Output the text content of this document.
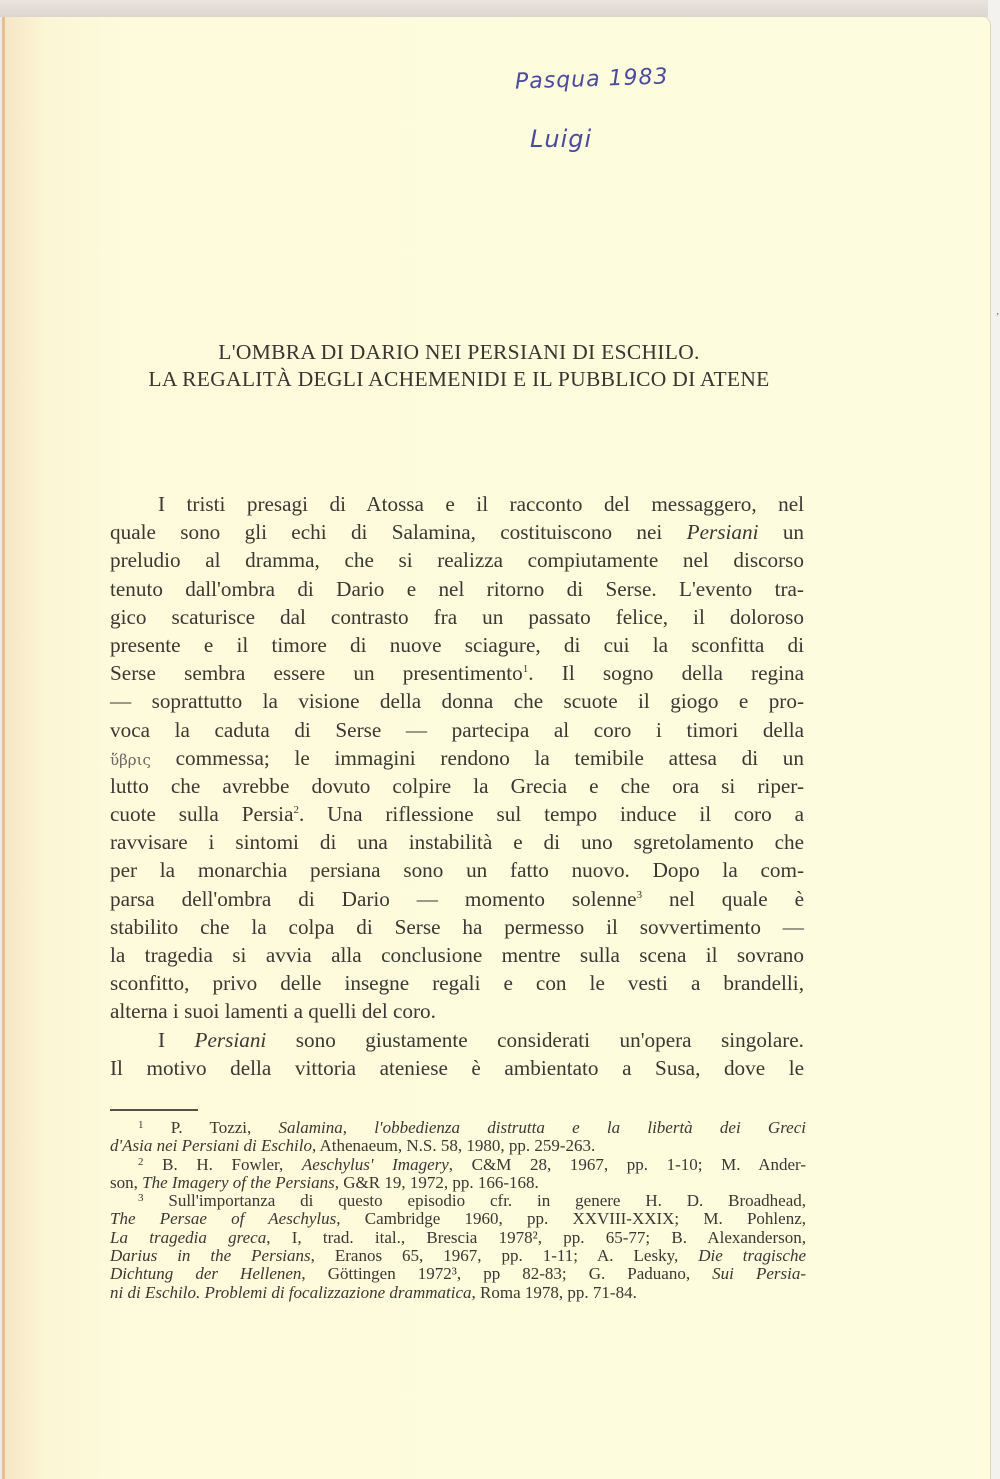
Pasqua 1983
Luigi
L'OMBRA DI DARIO NEI PERSIANI DI ESCHILO.
LA REGALITÀ DEGLI ACHEMENIDI E IL PUBBLICO DI ATENE
I tristi presagi di Atossa e il racconto del messaggero, nel
quale sono gli echi di Salamina, costituiscono nei Persiani un
preludio al dramma, che si realizza compiutamente nel discorso
tenuto dall'ombra di Dario e nel ritorno di Serse. L'evento tra-
gico scaturisce dal contrasto fra un passato felice, il doloroso
presente e il timore di nuove sciagure, di cui la sconfitta di
Serse sembra essere un presentimento$^1$. Il sogno della regina
— soprattutto la visione della donna che scuote il giogo e pro-
voca la caduta di Serse — partecipa al coro i timori della
ὕβρις commessa; le immagini rendono la temibile attesa di un
lutto che avrebbe dovuto colpire la Grecia e che ora si riper-
cuote sulla Persia$^2$. Una riflessione sul tempo induce il coro a
ravvisare i sintomi di una instabilità e di uno sgretolamento che
per la monarchia persiana sono un fatto nuovo. Dopo la com-
parsa dell'ombra di Dario — momento solenne$^3$ nel quale è
stabilito che la colpa di Serse ha permesso il sovvertimento —
la tragedia si avvia alla conclusione mentre sulla scena il sovrano
sconfitto, privo delle insegne regali e con le vesti a brandelli,
alterna i suoi lamenti a quelli del coro.
I Persiani sono giustamente considerati un'opera singolare.
Il motivo della vittoria ateniese è ambientato a Susa, dove le
$^1$ P. Tozzi, Salamina, l'obbedienza distrutta e la libertà dei Greci
d'Asia nei Persiani di Eschilo, Athenaeum, N.S. 58, 1980, pp. 259-263.
$^2$ B. H. Fowler, Aeschylus' Imagery, C&M 28, 1967, pp. 1-10; M. Ander-
son, The Imagery of the Persians, G&R 19, 1972, pp. 166-168.
$^3$ Sull'importanza di questo episodio cfr. in genere H. D. Broadhead,
The Persae of Aeschylus, Cambridge 1960, pp. XXVIII-XXIX; M. Pohlenz,
La tragedia greca, I, trad. ital., Brescia 1978², pp. 65-77; B. Alexanderson,
Darius in the Persians, Eranos 65, 1967, pp. 1-11; A. Lesky, Die tragische
Dichtung der Hellenen, Göttingen 1972³, pp 82-83; G. Paduano, Sui Persia-
ni di Eschilo. Problemi di focalizzazione drammatica, Roma 1978, pp. 71-84.
’
